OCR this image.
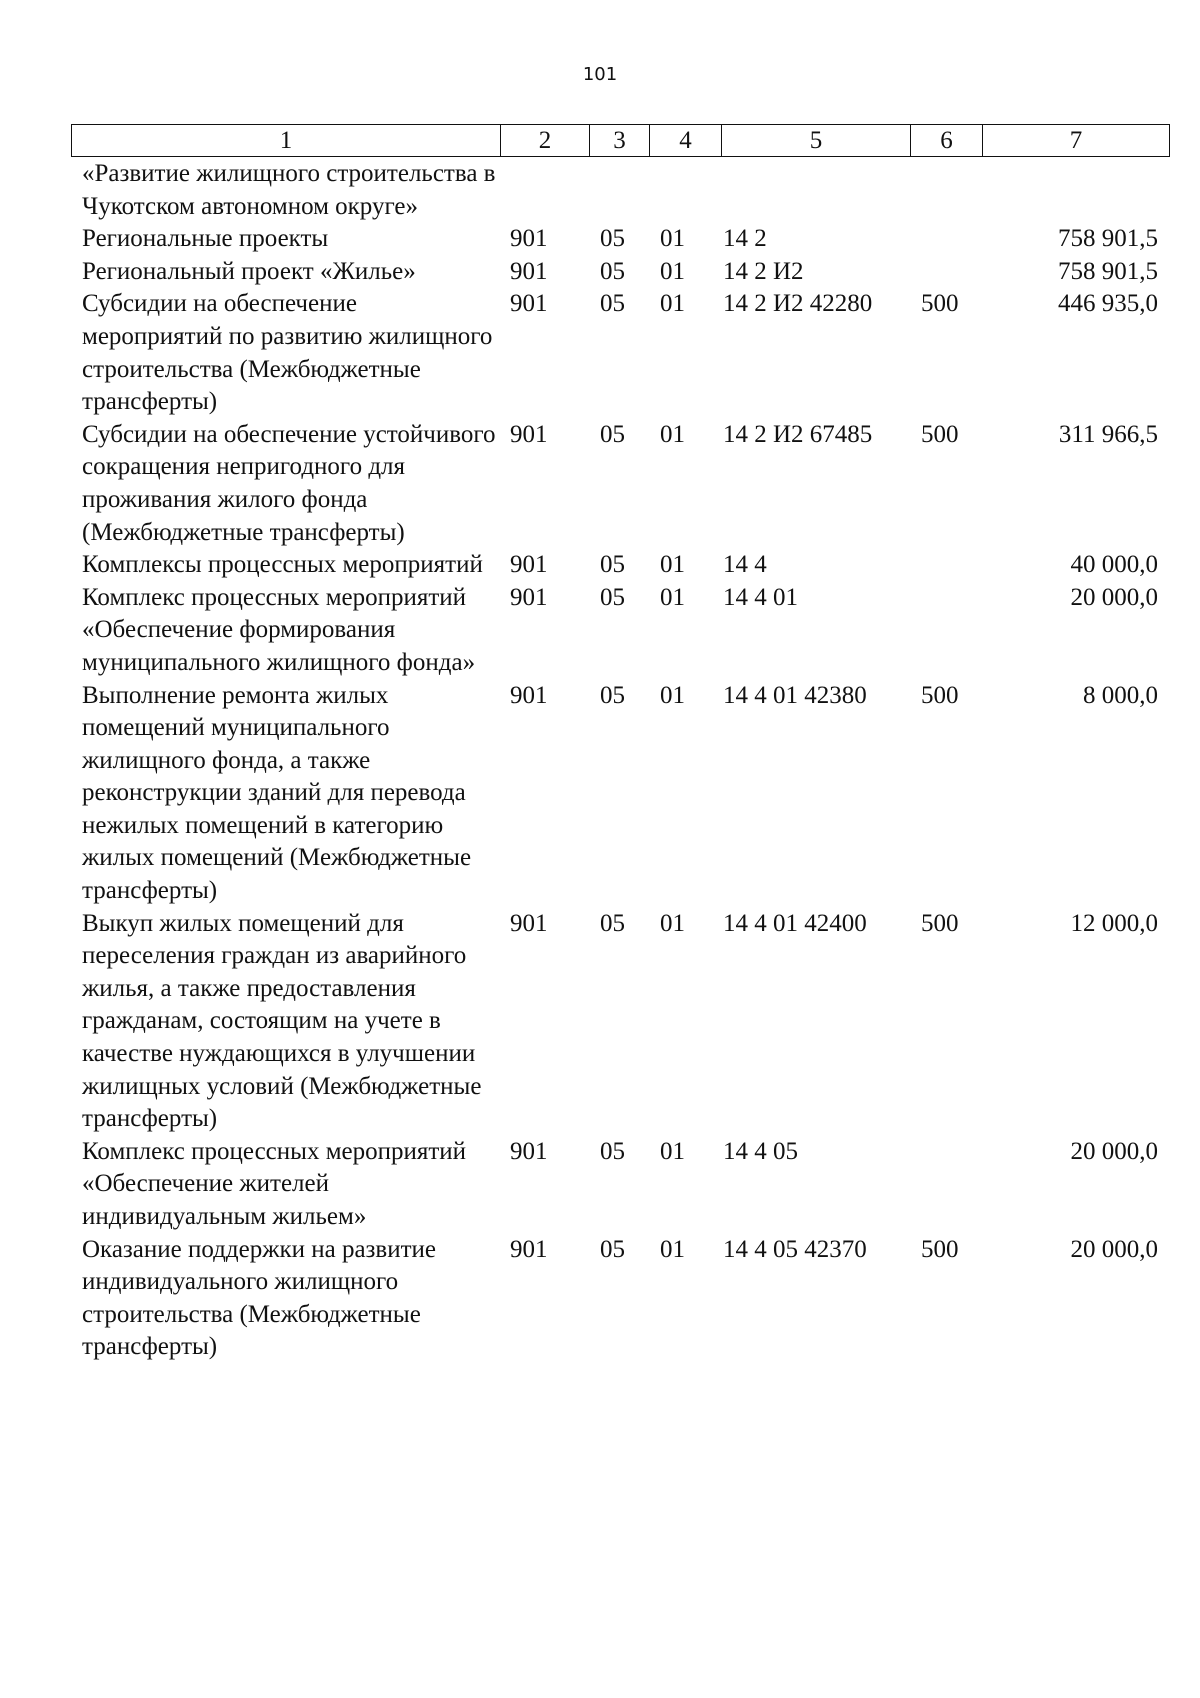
101
1	2	3	4	5	6	7
«Развитие жилищного строительства в Чукотском автономном округе»						
Региональные проекты	901	05	01	14 2		758 901,5
Региональный проект «Жилье»	901	05	01	14 2 И2		758 901,5
Субсидии на обеспечение мероприятий по развитию жилищного строительства (Межбюджетные трансферты)	901	05	01	14 2 И2 42280	500	446 935,0
Субсидии на обеспечение устойчивого сокращения непригодного для проживания жилого фонда (Межбюджетные трансферты)	901	05	01	14 2 И2 67485	500	311 966,5
Комплексы процессных мероприятий	901	05	01	14 4		40 000,0
Комплекс процессных мероприятий «Обеспечение формирования муниципального жилищного фонда»	901	05	01	14 4 01		20 000,0
Выполнение ремонта жилых помещений муниципального жилищного фонда, а также реконструкции зданий для перевода нежилых помещений в категорию жилых помещений (Межбюджетные трансферты)	901	05	01	14 4 01 42380	500	8 000,0
Выкуп жилых помещений для переселения граждан из аварийного жилья, а также предоставления гражданам, состоящим на учете в качестве нуждающихся в улучшении жилищных условий (Межбюджетные трансферты)	901	05	01	14 4 01 42400	500	12 000,0
Комплекс процессных мероприятий «Обеспечение жителей индивидуальным жильем»	901	05	01	14 4 05		20 000,0
Оказание поддержки на развитие индивидуального жилищного строительства (Межбюджетные трансферты)	901	05	01	14 4 05 42370	500	20 000,0
